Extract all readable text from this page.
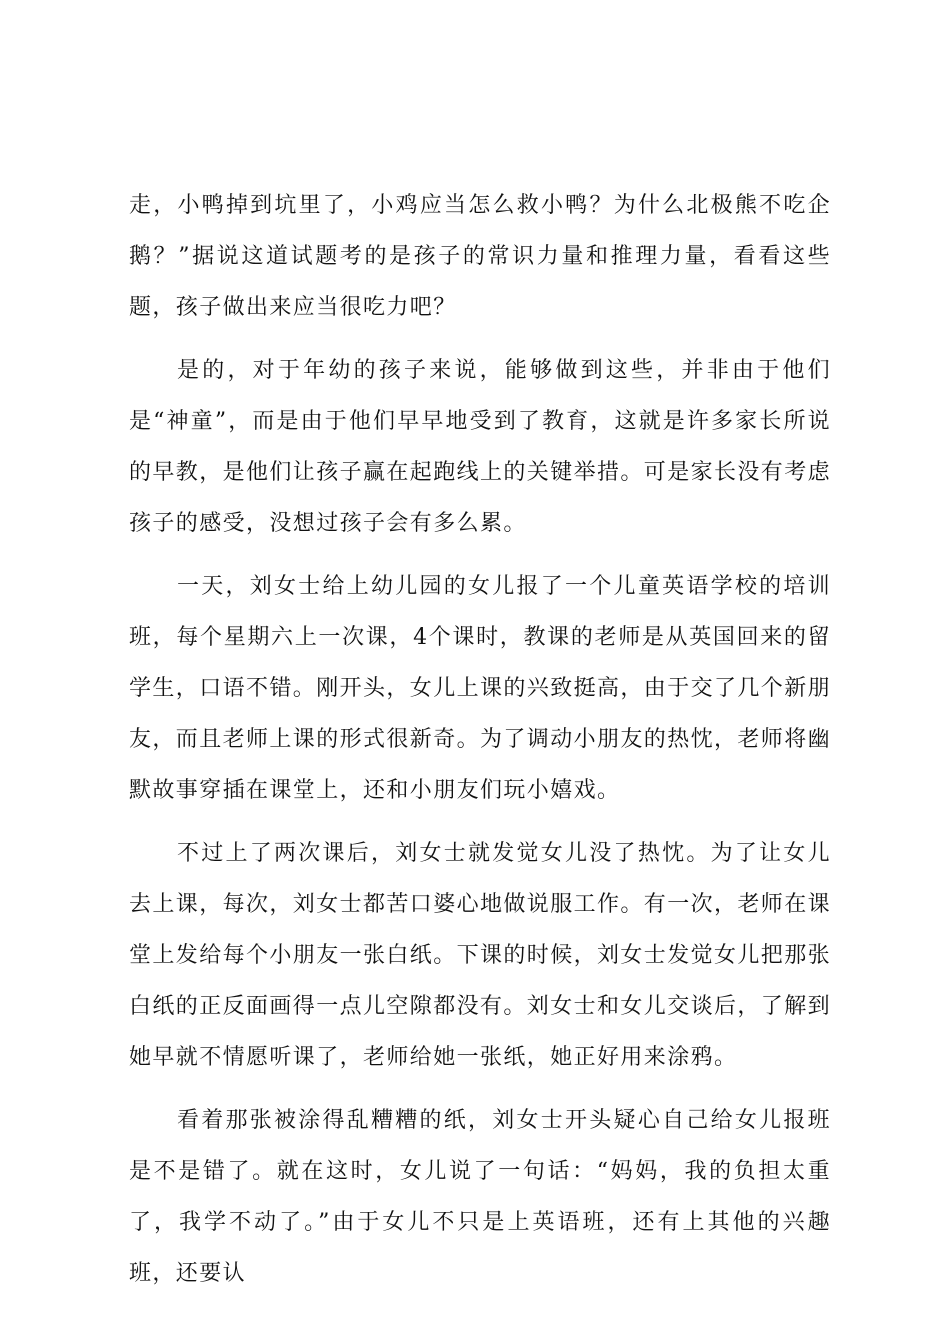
走，小鸭掉到坑里了，小鸡应当怎么救小鸭？为什么北极熊不吃企鹅？”据说这道试题考的是孩子的常识力量和推理力量，看看这些题，孩子做出来应当很吃力吧？

是的，对于年幼的孩子来说，能够做到这些，并非由于他们是“神童”，而是由于他们早早地受到了教育，这就是许多家长所说的早教，是他们让孩子赢在起跑线上的关键举措。可是家长没有考虑孩子的感受，没想过孩子会有多么累。

一天，刘女士给上幼儿园的女儿报了一个儿童英语学校的培训班，每个星期六上一次课，4个课时，教课的老师是从英国回来的留学生，口语不错。刚开头，女儿上课的兴致挺高，由于交了几个新朋友，而且老师上课的形式很新奇。为了调动小朋友的热忱，老师将幽默故事穿插在课堂上，还和小朋友们玩小嬉戏。

不过上了两次课后，刘女士就发觉女儿没了热忱。为了让女儿去上课，每次，刘女士都苦口婆心地做说服工作。有一次，老师在课堂上发给每个小朋友一张白纸。下课的时候，刘女士发觉女儿把那张白纸的正反面画得一点儿空隙都没有。刘女士和女儿交谈后，了解到她早就不情愿听课了，老师给她一张纸，她正好用来涂鸦。

看着那张被涂得乱糟糟的纸，刘女士开头疑心自己给女儿报班是不是错了。就在这时，女儿说了一句话：“妈妈，我的负担太重了，我学不动了。”由于女儿不只是上英语班，还有上其他的兴趣班，还要认
